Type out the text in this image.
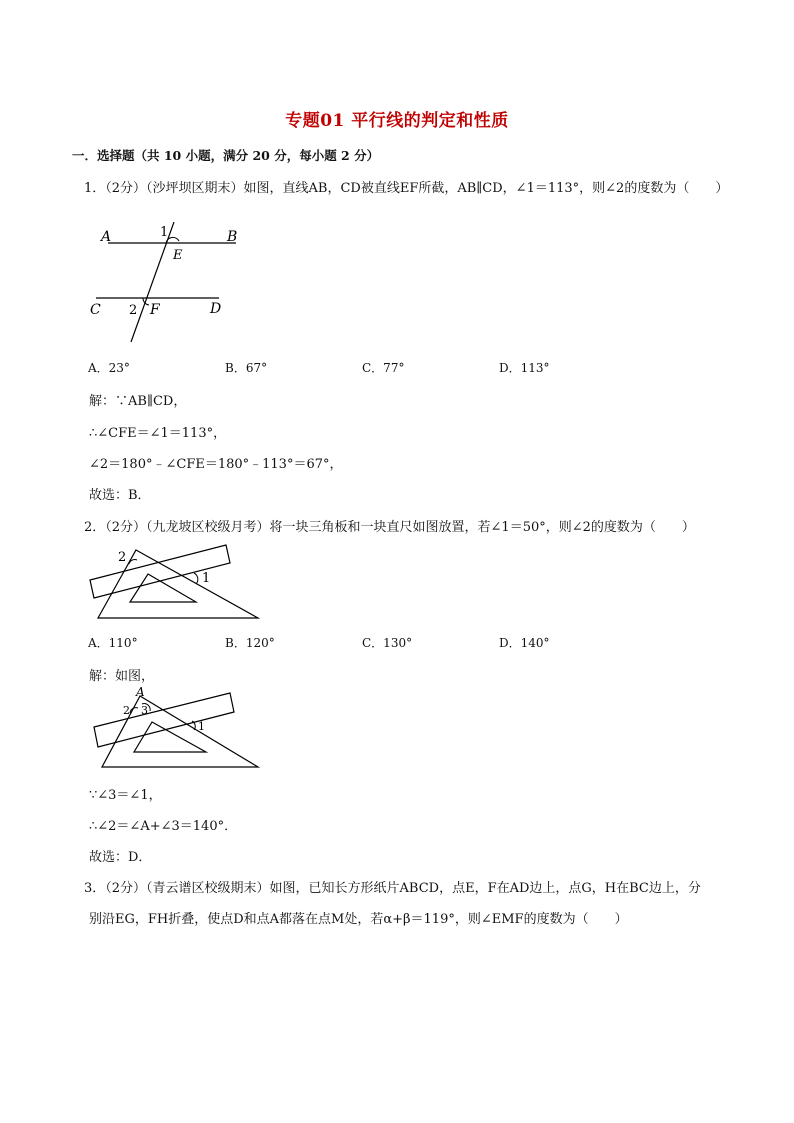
专题01 平行线的判定和性质
一．选择题（共 10 小题，满分 20 分，每小题 2 分）
1．（2分）（沙坪坝区期末）如图，直线AB，CD被直线EF所截，AB∥CD，∠1＝113°，则∠2的度数为（　　）
A	1	B
E
C 2 F	D
A．23°	B．67°	C．77°	D．113°
解：∵AB∥CD，
∴∠CFE＝∠1＝113°，
∠2＝180°﹣∠CFE＝180°﹣113°＝67°，
故选：B．
2．（2分）（九龙坡区校级月考）将一块三角板和一块直尺如图放置，若∠1＝50°，则∠2的度数为（　　）
2
1
A．110°	B．120°	C．130°	D．140°
解：如图，
A
2 3
1
∵∠3＝∠1，
∴∠2＝∠A+∠3＝140°．
故选：D．
3．（2分）（青云谱区校级期末）如图，已知长方形纸片ABCD，点E，F在AD边上，点G，H在BC边上，分
别沿EG，FH折叠，使点D和点A都落在点M处，若α+β＝119°，则∠EMF的度数为（　　）
